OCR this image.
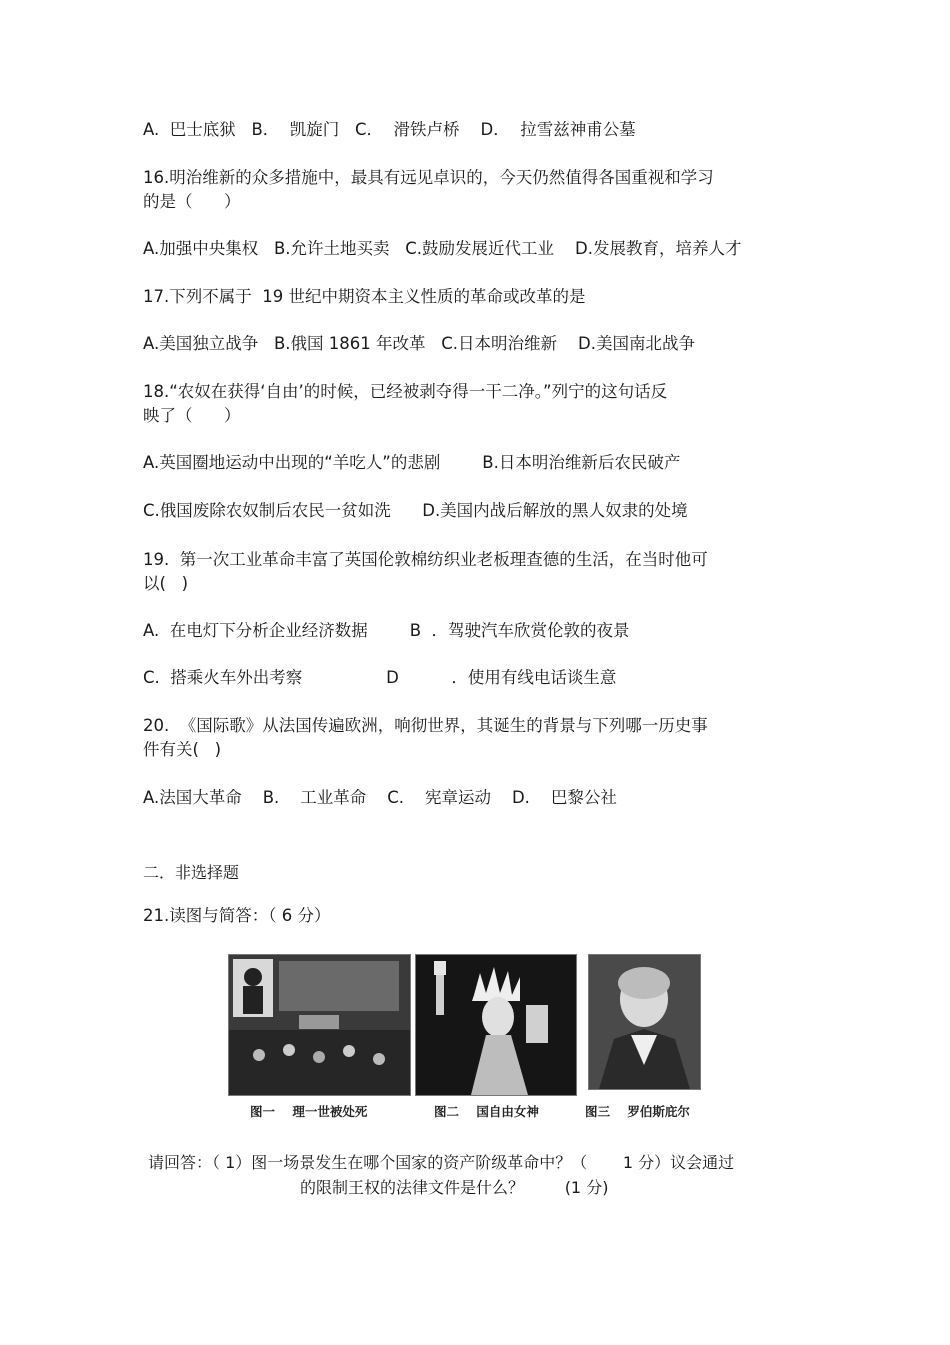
A.  巴士底狱   B．  凯旋门   C．  滑铁卢桥    D．  拉雪兹神甫公墓
16.明治维新的众多措施中，最具有远见卓识的，今天仍然值得各国重视和学习
的是（      ）
A.加强中央集权   B.允许土地买卖   C.鼓励发展近代工业    D.发展教育，培养人才
17.下列不属于  19 世纪中期资本主义性质的革命或改革的是
A.美国独立战争   B.俄国 1861 年改革   C.日本明治维新    D.美国南北战争
18.“农奴在获得‘自由’的时候，已经被剥夺得一干二净。”列宁的这句话反
映了（      ）
A.英国圈地运动中出现的“羊吃人”的悲剧        B.日本明治维新后农民破产
C.俄国废除农奴制后农民一贫如洗      D.美国内战后解放的黑人奴隶的处境
19.  第一次工业革命丰富了英国伦敦棉纺织业老板理查德的生活，在当时他可
以(   )
A.  在电灯下分析企业经济数据        B  ．驾驶汽车欣赏伦敦的夜景
C.  搭乘火车外出考察                D          ．使用有线电话谈生意
20.  《国际歌》从法国传遍欧洲，响彻世界，其诞生的背景与下列哪一历史事
件有关(   )
A.法国大革命    B.    工业革命    C.    宪章运动    D.    巴黎公社
二．非选择题
21.读图与简答：（ 6 分）
图一    理一世被处死	图二    国自由女神	图三    罗伯斯庇尔
请回答：（ 1）图一场景发生在哪个国家的资产阶级革命中？（       1 分）议会通过
的限制王权的法律文件是什么？        (1 分)
